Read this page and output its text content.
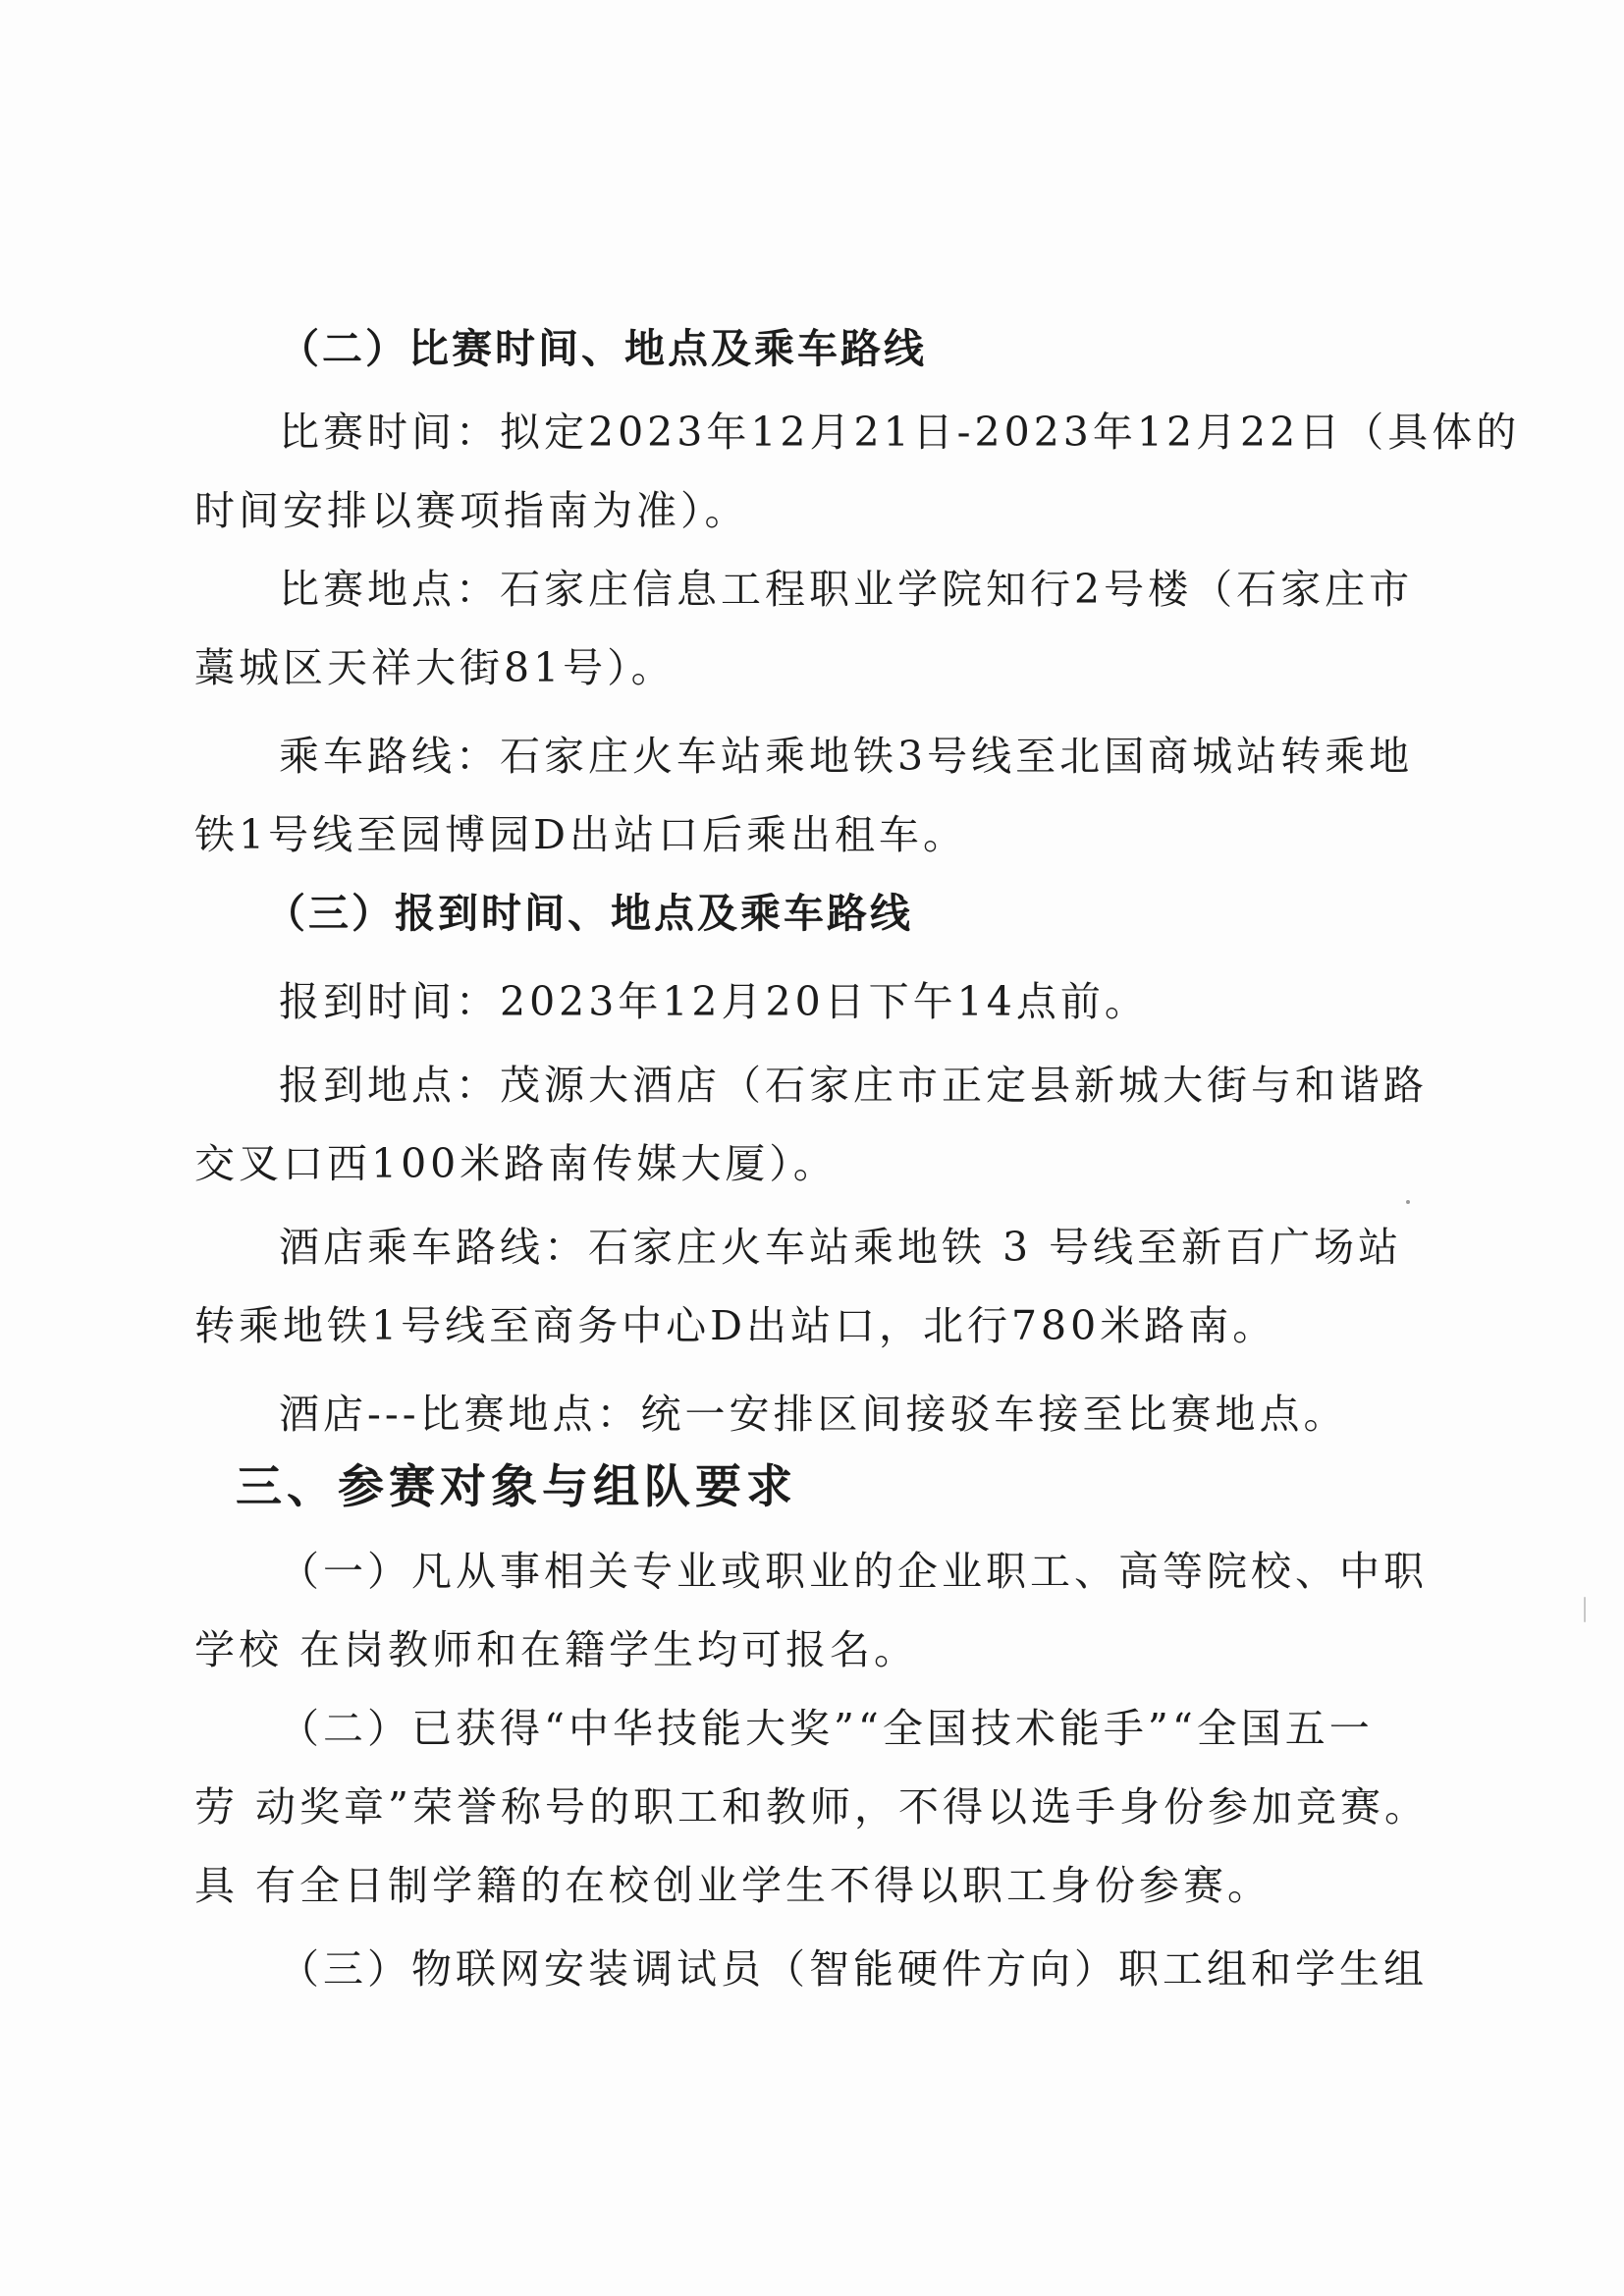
（二）比赛时间、地点及乘车路线
比赛时间：拟定2023年12月21日-2023年12月22日（具体的
时间安排以赛项指南为准）。
比赛地点：石家庄信息工程职业学院知行2号楼（石家庄市
藁城区天祥大街81号）。
乘车路线：石家庄火车站乘地铁3号线至北国商城站转乘地
铁1号线至园博园D出站口后乘出租车。
（三）报到时间、地点及乘车路线
报到时间：2023年12月20日下午14点前。
报到地点：茂源大酒店（石家庄市正定县新城大街与和谐路
交叉口西100米路南传媒大厦）。
酒店乘车路线：石家庄火车站乘地铁 3 号线至新百广场站
转乘地铁1号线至商务中心D出站口，北行780米路南。
酒店---比赛地点：统一安排区间接驳车接至比赛地点。
三、参赛对象与组队要求
（一）凡从事相关专业或职业的企业职工、高等院校、中职
学校 在岗教师和在籍学生均可报名。
（二）已获得“中华技能大奖”“全国技术能手”“全国五一
劳 动奖章”荣誉称号的职工和教师，不得以选手身份参加竞赛。
具 有全日制学籍的在校创业学生不得以职工身份参赛。
（三）物联网安装调试员（智能硬件方向）职工组和学生组
